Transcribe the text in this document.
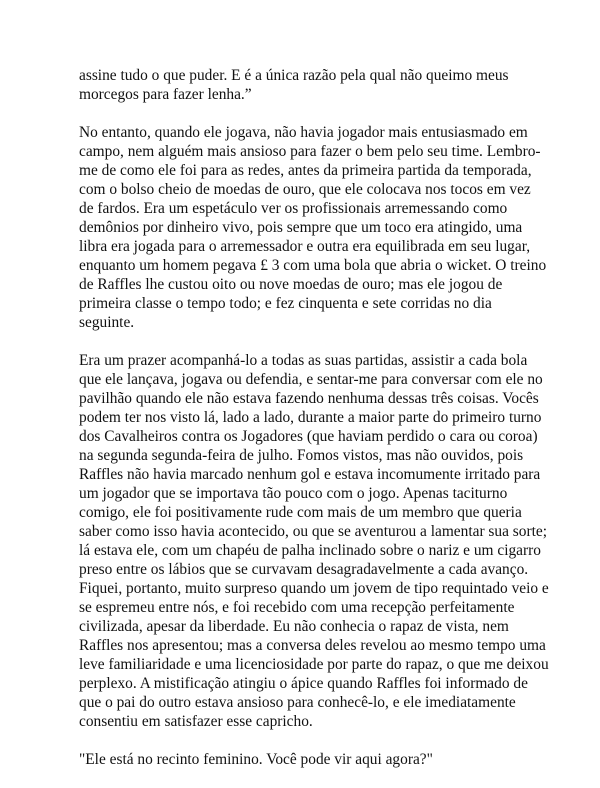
assine tudo o que puder. E é a única razão pela qual não queimo meus
morcegos para fazer lenha.”

No entanto, quando ele jogava, não havia jogador mais entusiasmado em
campo, nem alguém mais ansioso para fazer o bem pelo seu time. Lembro-
me de como ele foi para as redes, antes da primeira partida da temporada,
com o bolso cheio de moedas de ouro, que ele colocava nos tocos em vez
de fardos. Era um espetáculo ver os profissionais arremessando como
demônios por dinheiro vivo, pois sempre que um toco era atingido, uma
libra era jogada para o arremessador e outra era equilibrada em seu lugar,
enquanto um homem pegava £ 3 com uma bola que abria o wicket. O treino
de Raffles lhe custou oito ou nove moedas de ouro; mas ele jogou de
primeira classe o tempo todo; e fez cinquenta e sete corridas no dia
seguinte.

Era um prazer acompanhá-lo a todas as suas partidas, assistir a cada bola
que ele lançava, jogava ou defendia, e sentar-me para conversar com ele no
pavilhão quando ele não estava fazendo nenhuma dessas três coisas. Vocês
podem ter nos visto lá, lado a lado, durante a maior parte do primeiro turno
dos Cavalheiros contra os Jogadores (que haviam perdido o cara ou coroa)
na segunda segunda-feira de julho. Fomos vistos, mas não ouvidos, pois
Raffles não havia marcado nenhum gol e estava incomumente irritado para
um jogador que se importava tão pouco com o jogo. Apenas taciturno
comigo, ele foi positivamente rude com mais de um membro que queria
saber como isso havia acontecido, ou que se aventurou a lamentar sua sorte;
lá estava ele, com um chapéu de palha inclinado sobre o nariz e um cigarro
preso entre os lábios que se curvavam desagradavelmente a cada avanço.
Fiquei, portanto, muito surpreso quando um jovem de tipo requintado veio e
se espremeu entre nós, e foi recebido com uma recepção perfeitamente
civilizada, apesar da liberdade. Eu não conhecia o rapaz de vista, nem
Raffles nos apresentou; mas a conversa deles revelou ao mesmo tempo uma
leve familiaridade e uma licenciosidade por parte do rapaz, o que me deixou
perplexo. A mistificação atingiu o ápice quando Raffles foi informado de
que o pai do outro estava ansioso para conhecê-lo, e ele imediatamente
consentiu em satisfazer esse capricho.

"Ele está no recinto feminino. Você pode vir aqui agora?"
